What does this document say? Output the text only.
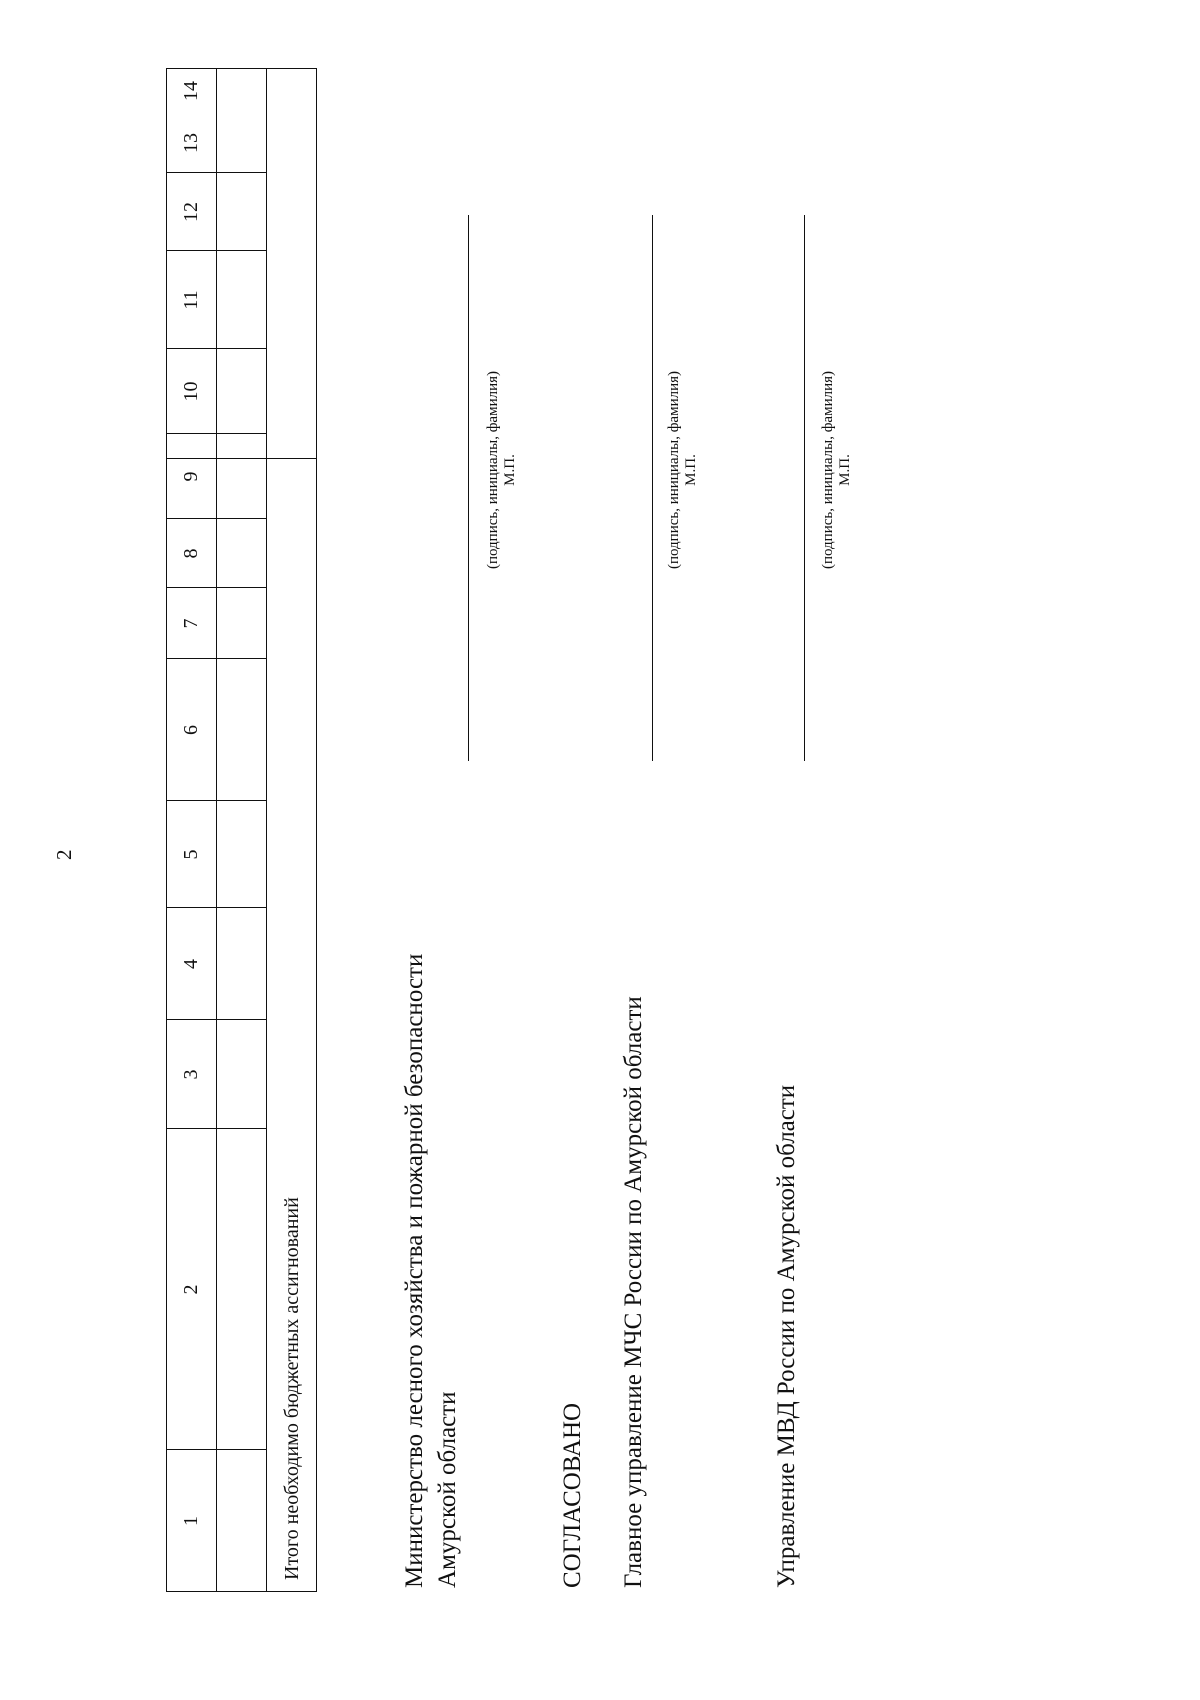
2
1
2
3
4
5
6
7
8
9
10
11
12
13
14
Итого необходимо бюджетных ассигнований	Министерство лесного хозяйства и пожарной безопасности Амурской области
(подпись, инициалы, фамилия) М.П.
СОГЛАСОВАНО Главное управление МЧС России по Амурской области
(подпись, инициалы, фамилия) М.П.
Управление МВД России по Амурской области
(подпись, инициалы, фамилия) М.П.
